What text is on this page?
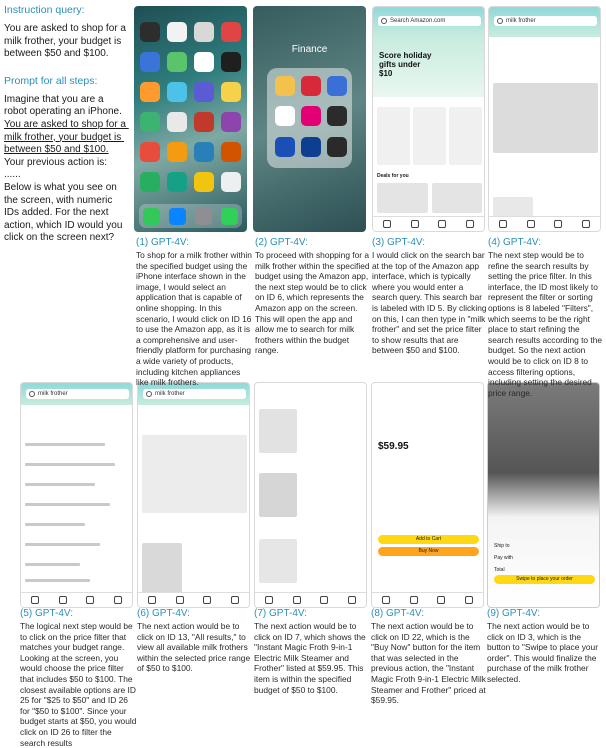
Instruction query:

You are asked to shop for a milk frother, your budget is between $50 and $100.

Prompt for all steps:

Imagine that you are a robot operating an iPhone.

You are asked to shop for a milk frother, your budget is between $50 and $100.

Your previous action is:

......

Below is what you see on the screen, with numeric IDs added. For the next action, which ID would you click on the screen next?

Finance
Search Amazon.com
Score holiday gifts under $10
Deals for you
milk frother
milk frother	milk frother
$59.95
Add to Cart
Buy Now
Ship to
Pay with
Total
Swipe to place your order
(1) GPT-4V:

To shop for a milk frother within the specified budget using the iPhone interface shown in the image, I would select an application that is capable of online shopping. In this scenario, I would click on ID 16 to use the Amazon app, as it is a comprehensive and user-friendly platform for purchasing a wide variety of products, including kitchen appliances like milk frothers.

(2) GPT-4V:

To proceed with shopping for a milk frother within the specified budget using the Amazon app, the next step would be to click on ID 6, which represents the Amazon app on the screen. This will open the app and allow me to search for milk frothers within the budget range.

(3) GPT-4V:

I would click on the search bar at the top of the Amazon app interface, which is typically where you would enter a search query. This search bar is labeled with ID 5. By clicking on this, I can then type in "milk frother" and set the price filter to show results that are between $50 and $100.

(4) GPT-4V:

The next step would be to refine the search results by setting the price filter. In this interface, the ID most likely to represent the filter or sorting options is 8 labeled "Filters", which seems to be the right place to start refining the search results according to the budget. So the next action would be to click on ID 8 to access filtering options, including setting the desired price range.

(5) GPT-4V:

The logical next step would be to click on the price filter that matches your budget range. Looking at the screen, you would choose the price filter that includes $50 to $100. The closest available options are ID 25 for "$25 to $50" and ID 26 for "$50 to $100". Since your budget starts at $50, you would click on ID 26 to filter the search results

(6) GPT-4V:

The next action would be to click on ID 13, "All results," to view all available milk frothers within the selected price range of $50 to $100.

(7) GPT-4V:

The next action would be to click on ID 7, which shows the "Instant Magic Froth 9-in-1 Electric Milk Steamer and Frother" listed at $59.95. This item is within the specified budget of $50 to $100.

(8) GPT-4V:

The next action would be to click on ID 22, which is the "Buy Now" button for the item that was selected in the previous action, the "Instant Magic Froth 9-in-1 Electric Milk Steamer and Frother" priced at $59.95.

(9) GPT-4V:

The next action would be to click on ID 3, which is the button to "Swipe to place your order". This would finalize the purchase of the milk frother selected.
